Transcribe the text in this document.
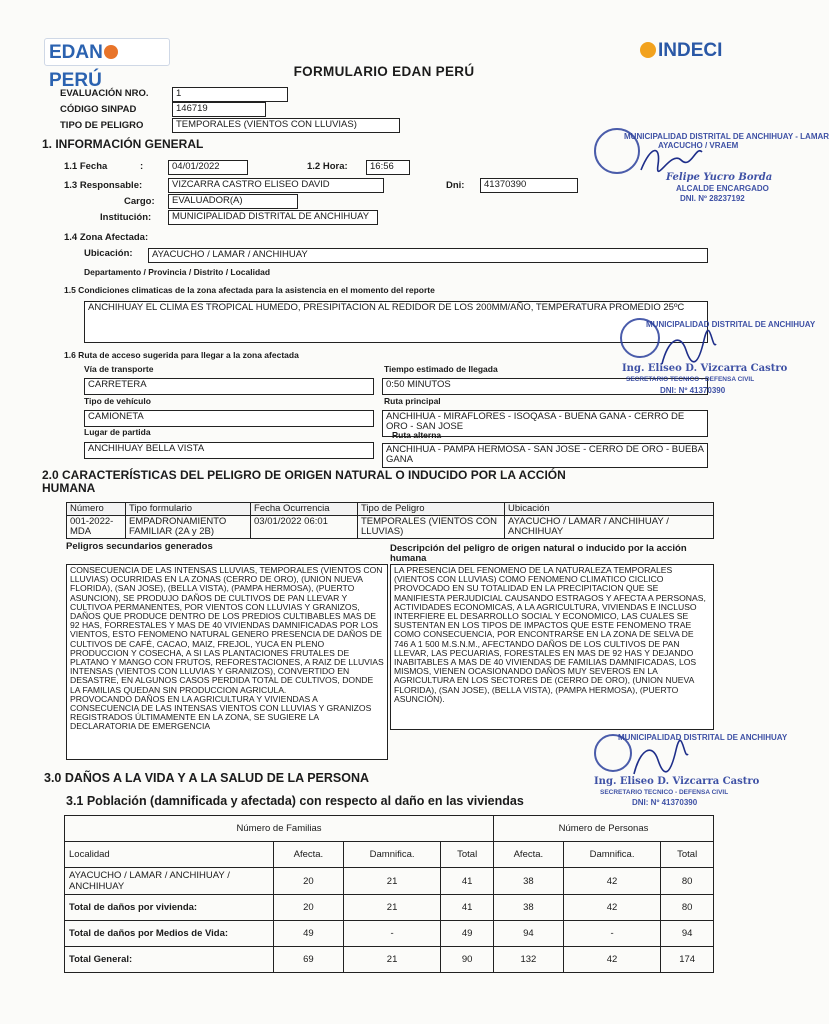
EDANPERÚ
INDECI
FORMULARIO EDAN PERÚ
EVALUACIÓN NRO.	1
CÓDIGO SINPAD	146719
TIPO DE PELIGRO	TEMPORALES (VIENTOS CON LLUVIAS)
1. INFORMACIÓN GENERAL
1.1 Fecha	:	04/01/2022	1.2 Hora:	16:56
1.3 Responsable:	VIZCARRA CASTRO ELISEO DAVID	Dni:	41370390
Cargo:	EVALUADOR(A)
Institución:	MUNICIPALIDAD DISTRITAL DE ANCHIHUAY
1.4 Zona Afectada:
Ubicación:	AYACUCHO / LAMAR / ANCHIHUAY
Departamento / Provincia / Distrito / Localidad
1.5 Condiciones climaticas de la zona afectada para la asistencia en el momento del reporte
ANCHIHUAY EL CLIMA ES TROPICAL HUMEDO, PRESIPITACION AL REDIDOR DE LOS 200MM/AÑO, TEMPERATURA PROMEDIO 25ºC
1.6 Ruta de acceso sugerida para llegar a la zona afectada
Vía de transporte
CARRETERA
Tiempo estimado de llegada
0:50 MINUTOS
Tipo de vehículo
CAMIONETA
Ruta principal
ANCHIHUA - MIRAFLORES - ISOQASA - BUENA GANA - CERRO DE ORO - SAN JOSE
Lugar de partida
ANCHIHUAY BELLA VISTA
Ruta alterna
ANCHIHUA - PAMPA HERMOSA - SAN JOSE - CERRO DE ORO - BUEBA GANA
2.0 CARACTERÍSTICAS DEL PELIGRO DE ORIGEN NATURAL O INDUCIDO POR LA ACCIÓN HUMANA
Número	Tipo formulario	Fecha Ocurrencia	Tipo de Peligro	Ubicación
001-2022-MDA	EMPADRONAMIENTO FAMILIAR (2A y 2B)	03/01/2022 06:01	TEMPORALES (VIENTOS CON LLUVIAS)	AYACUCHO / LAMAR / ANCHIHUAY / ANCHIHUAY
Peligros secundarios generados	Descripción del peligro de origen natural o inducido por la acción humana
CONSECUENCIA DE LAS INTENSAS LLUVIAS, TEMPORALES (VIENTOS CON LLUVIAS) OCURRIDAS EN LA ZONAS (CERRO DE ORO), (UNION NUEVA FLORIDA), (SAN JOSE), (BELLA VISTA), (PAMPA HERMOSA), (PUERTO ASUNCION), SE PRODUJO DAÑOS DE CULTIVOS DE PAN LLEVAR Y CULTIVOA PERMANENTES, POR VIENTOS CON LLUVIAS Y GRANIZOS, DAÑOS QUE PRODUCE DENTRO DE LOS PREDIOS CULTIBABLES MAS DE 92 HAS, FORRESTALES Y MAS DE 40 VIVIENDAS DAMNIFICADAS POR LOS VIENTOS, ESTO FENOMENO NATURAL GENERO PRESENCIA DE DAÑOS DE CULTIVOS DE CAFÉ, CACAO, MAIZ, FREJOL, YUCA EN PLENO PRODUCCION Y COSECHA, A SI LAS PLANTACIONES FRUTALES DE PLATANO Y MANGO CON FRUTOS, REFORESTACIONES, A RAIZ DE LLUVIAS INTENSAS (VIENTOS CON LLUVIAS Y GRANIZOS), CONVERTIDO EN DESASTRE, EN ALGUNOS CASOS PERDIDA TOTAL DE CULTIVOS, DONDE LA FAMILIAS QUEDAN SIN PRODUCCION AGRICULA.
PROVOCANDO DAÑOS EN LA AGRICULTURA Y VIVIENDAS A CONSECUENCIA DE LAS INTENSAS VIENTOS CON LLUVIAS Y GRANIZOS REGISTRADOS ÚLTIMAMENTE EN LA ZONA, SE SUGIERE LA DECLARATORIA DE EMERGENCIA
LA PRESENCIA DEL FENOMENO DE LA NATURALEZA TEMPORALES (VIENTOS CON LLUVIAS) COMO FENOMENO CLIMATICO CICLICO PROVOCADO EN SU TOTALIDAD EN LA PRECIPITACION QUE SE MANIFIESTA PERJUDICIAL CAUSANDO ESTRAGOS Y AFECTA A PERSONAS, ACTIVIDADES ECONOMICAS, A LA AGRICULTURA, VIVIENDAS E INCLUSO INTERFIERE EL DESARROLLO SOCIAL Y ECONOMICO, LAS CUALES SE SUSTENTAN EN LOS TIPOS DE IMPACTOS QUE ESTE FENOMENO TRAE COMO CONSECUENCIA, POR ENCONTRARSE EN LA ZONA DE SELVA DE 746 A 1 500 M.S.N.M., AFECTANDO DAÑOS DE LOS CULTIVOS DE PAN LLEVAR, LAS PECUARIAS, FORESTALES EN MAS DE 92 HAS Y DEJANDO INABITABLES A MAS DE 40 VIVIENDAS DE FAMILIAS DAMNIFICADAS, LOS MISMOS, VIENEN OCASIONANDO DAÑOS MUY SEVEROS EN LA AGRICULTURA EN LOS SECTORES DE (CERRO DE ORO), (UNION NUEVA FLORIDA), (SAN JOSE), (BELLA VISTA), (PAMPA HERMOSA), (PUERTO ASUNCIÓN).
3.0 DAÑOS A LA VIDA Y A LA SALUD DE LA PERSONA
3.1 Población (damnificada y afectada) con respecto al daño en las viviendas
Número de Familias				Número de Personas		
Localidad	Afecta.	Damnifica.	Total	Afecta.	Damnifica.	Total
AYACUCHO / LAMAR / ANCHIHUAY / ANCHIHUAY	20	21	41	38	42	80
Total de daños por vivienda:	20	21	41	38	42	80
Total de daños por Medios de Vida:	49	-	49	94	-	94
Total General:	69	21	90	132	42	174
MUNICIPALIDAD DISTRITAL DE ANCHIHUAY - LAMAR
AYACUCHO / VRAEM
Felipe Yucro Borda
ALCALDE ENCARGADO
DNI. Nº 28237192
MUNICIPALIDAD DISTRITAL DE ANCHIHUAY
Ing. Eliseo D. Vizcarra Castro
SECRETARIO TECNICO - DEFENSA CIVIL
DNI: Nº 41370390
MUNICIPALIDAD DISTRITAL DE ANCHIHUAY
Ing. Eliseo D. Vizcarra Castro
SECRETARIO TECNICO - DEFENSA CIVIL
DNI: Nº 41370390
